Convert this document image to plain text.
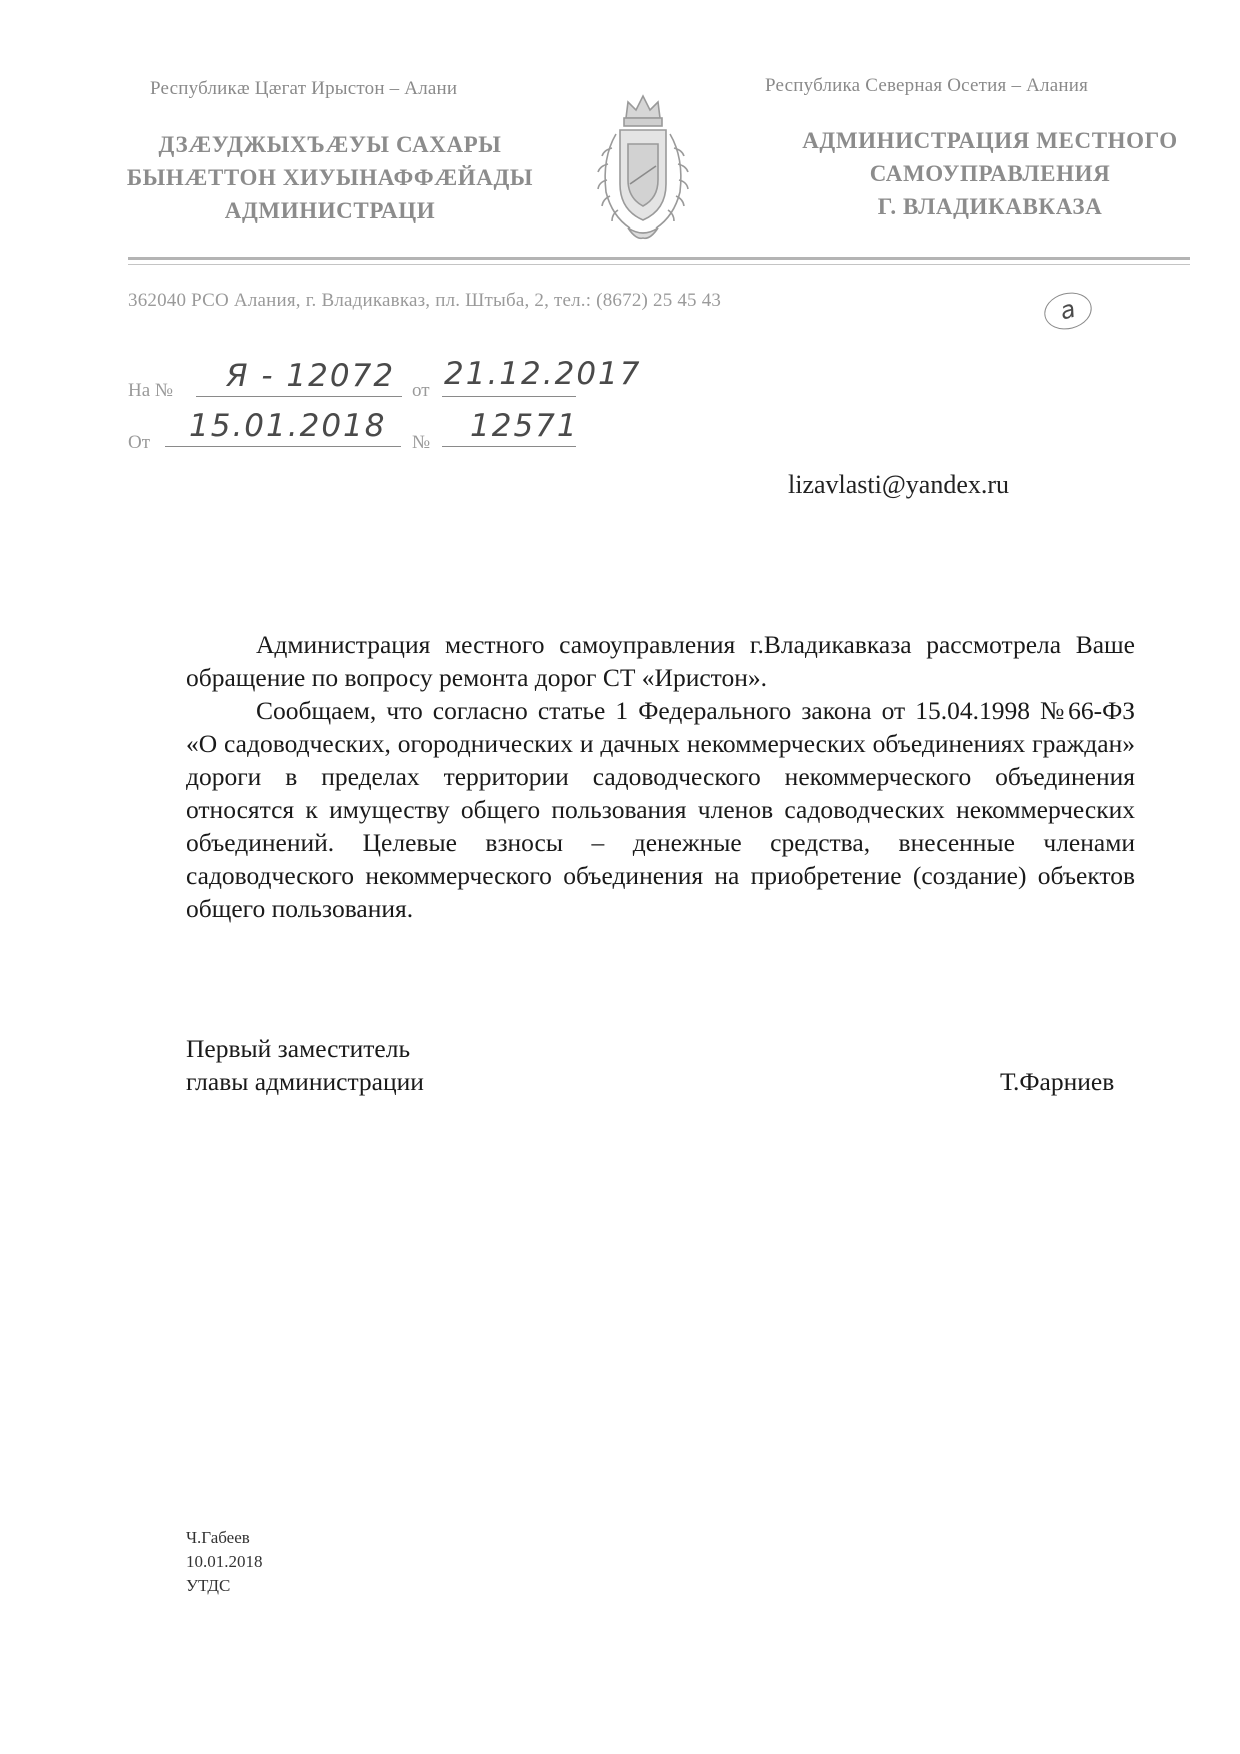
Республикæ Цæгат Ирыстон – Алани	Республика Северная Осетия – Алания
ДЗÆУДЖЫХЪÆУЫ САХАРЫ
БЫНÆТТОН ХИУЫНАФФÆЙАДЫ
АДМИНИСТРАЦИ
АДМИНИСТРАЦИЯ МЕСТНОГО
САМОУПРАВЛЕНИЯ
Г. ВЛАДИКАВКАЗА
362040 РСО Алания, г. Владикавказ, пл. Штыба, 2, тел.: (8672) 25 45 43	а
На № Я - 12072 от 21.12.2017
От 15.01.2018 № 12571
lizavlasti@yandex.ru

Администрация местного самоуправления г.Владикавказа рассмотрела Ваше обращение по вопросу ремонта дорог СТ «Иристон».

Сообщаем, что согласно статье 1 Федерального закона от 15.04.1998 №66-ФЗ «О садоводческих, огороднических и дачных некоммерческих объединениях граждан» дороги в пределах территории садоводческого некоммерческого объединения относятся к имуществу общего пользования членов садоводческих некоммерческих объединений. Целевые взносы – денежные средства, внесенные членами садоводческого некоммерческого объединения на приобретение (создание) объектов общего пользования.

Первый заместитель
главы администрации	Т.Фарниев
Ч.Габеев
10.01.2018
УТДС
